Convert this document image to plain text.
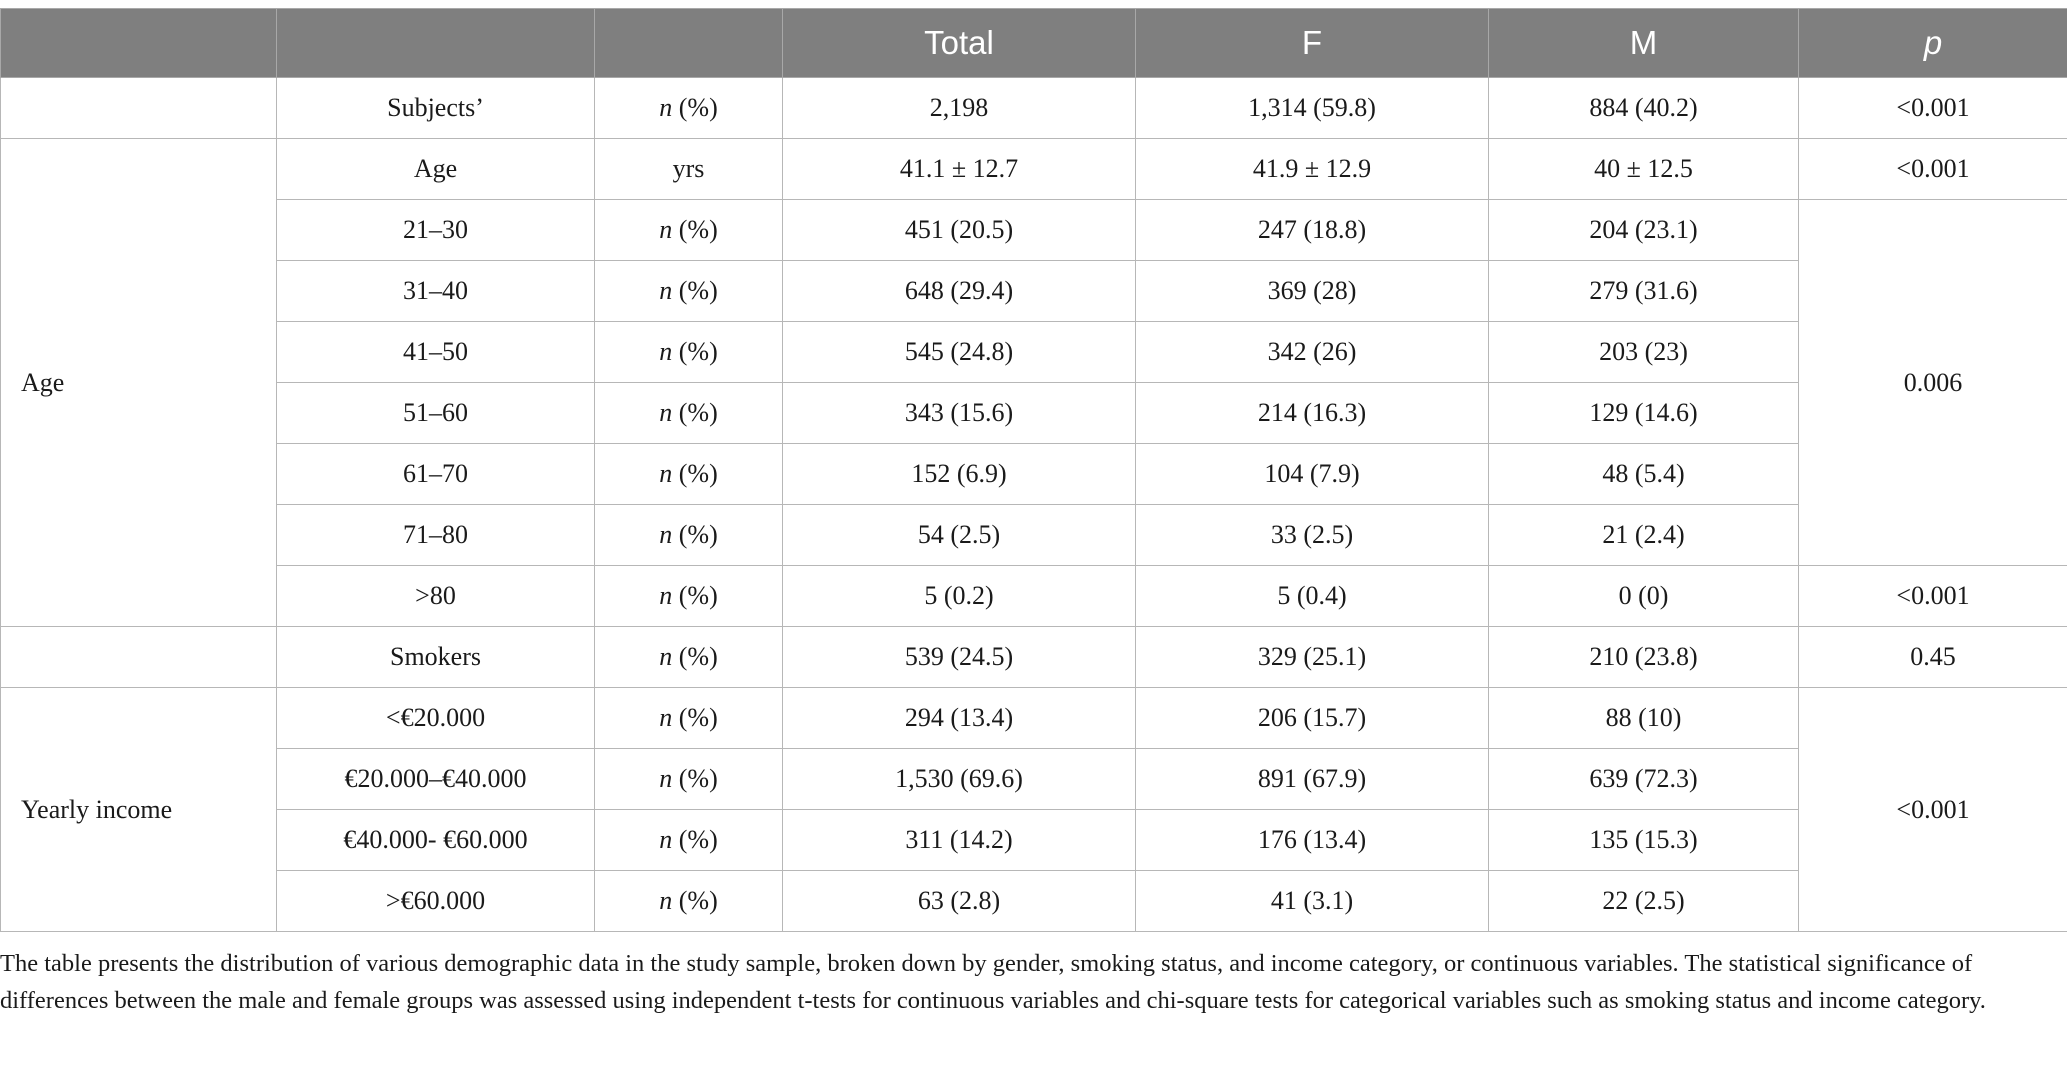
			Total	F	M	p
	Subjects’	n (%)	2,198	1,314 (59.8)	884 (40.2)	<0.001
Age	Age	yrs	41.1 ± 12.7	41.9 ± 12.9	40 ± 12.5	<0.001
	21–30	n (%)	451 (20.5)	247 (18.8)	204 (23.1)	0.006
	31–40	n (%)	648 (29.4)	369 (28)	279 (31.6)	
	41–50	n (%)	545 (24.8)	342 (26)	203 (23)	
	51–60	n (%)	343 (15.6)	214 (16.3)	129 (14.6)	
	61–70	n (%)	152 (6.9)	104 (7.9)	48 (5.4)	
	71–80	n (%)	54 (2.5)	33 (2.5)	21 (2.4)	
	>80	n (%)	5 (0.2)	5 (0.4)	0 (0)	<0.001
	Smokers	n (%)	539 (24.5)	329 (25.1)	210 (23.8)	0.45
Yearly income	<€20.000	n (%)	294 (13.4)	206 (15.7)	88 (10)	<0.001
	€20.000–€40.000	n (%)	1,530 (69.6)	891 (67.9)	639 (72.3)	
	€40.000- €60.000	n (%)	311 (14.2)	176 (13.4)	135 (15.3)	
	>€60.000	n (%)	63 (2.8)	41 (3.1)	22 (2.5)	

The table presents the distribution of various demographic data in the study sample, broken down by gender, smoking status, and income category, or continuous variables. The statistical significance of differences between the male and female groups was assessed using independent t-tests for continuous variables and chi-square tests for categorical variables such as smoking status and income category.
